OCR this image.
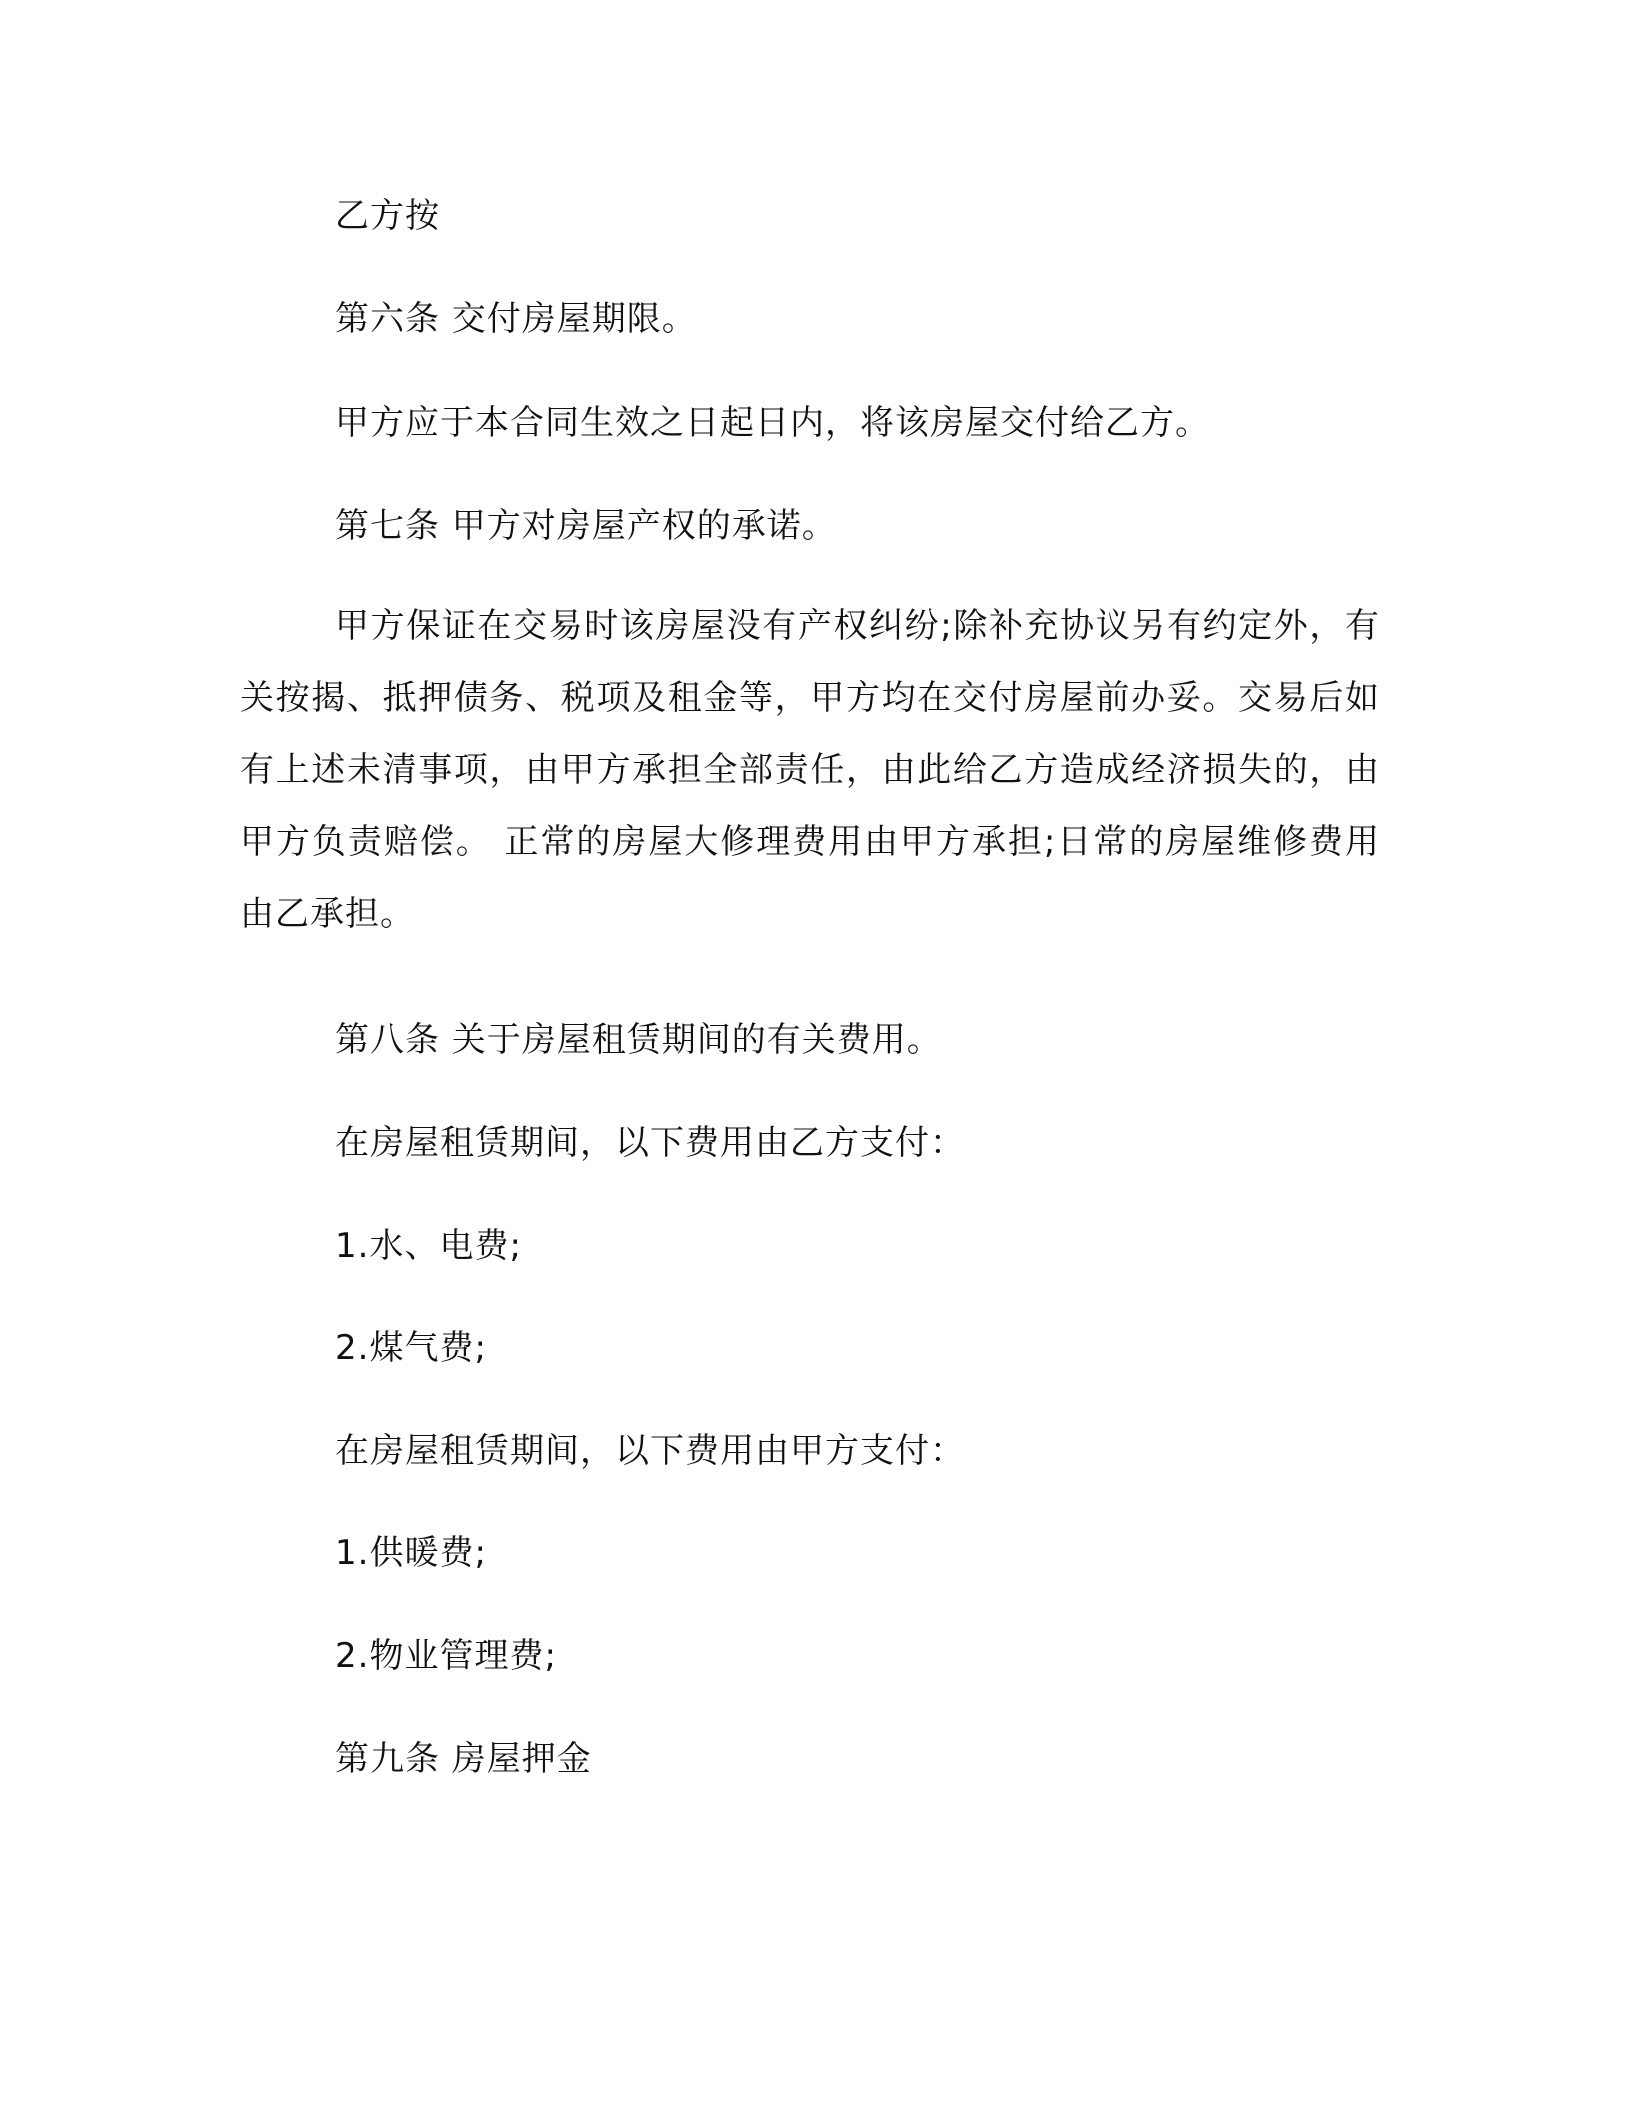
乙方按
第六条 交付房屋期限。
甲方应于本合同生效之日起日内，将该房屋交付给乙方。
第七条 甲方对房屋产权的承诺。
甲方保证在交易时该房屋没有产权纠纷;除补充协议另有约定外，有关按揭、抵押债务、税项及租金等，甲方均在交付房屋前办妥。交易后如有上述未清事项，由甲方承担全部责任，由此给乙方造成经济损失的，由甲方负责赔偿。 正常的房屋大修理费用由甲方承担;日常的房屋维修费用由乙承担。
第八条 关于房屋租赁期间的有关费用。
在房屋租赁期间，以下费用由乙方支付：
1.水、电费;
2.煤气费;
在房屋租赁期间，以下费用由甲方支付：
1.供暖费;
2.物业管理费;
第九条 房屋押金
